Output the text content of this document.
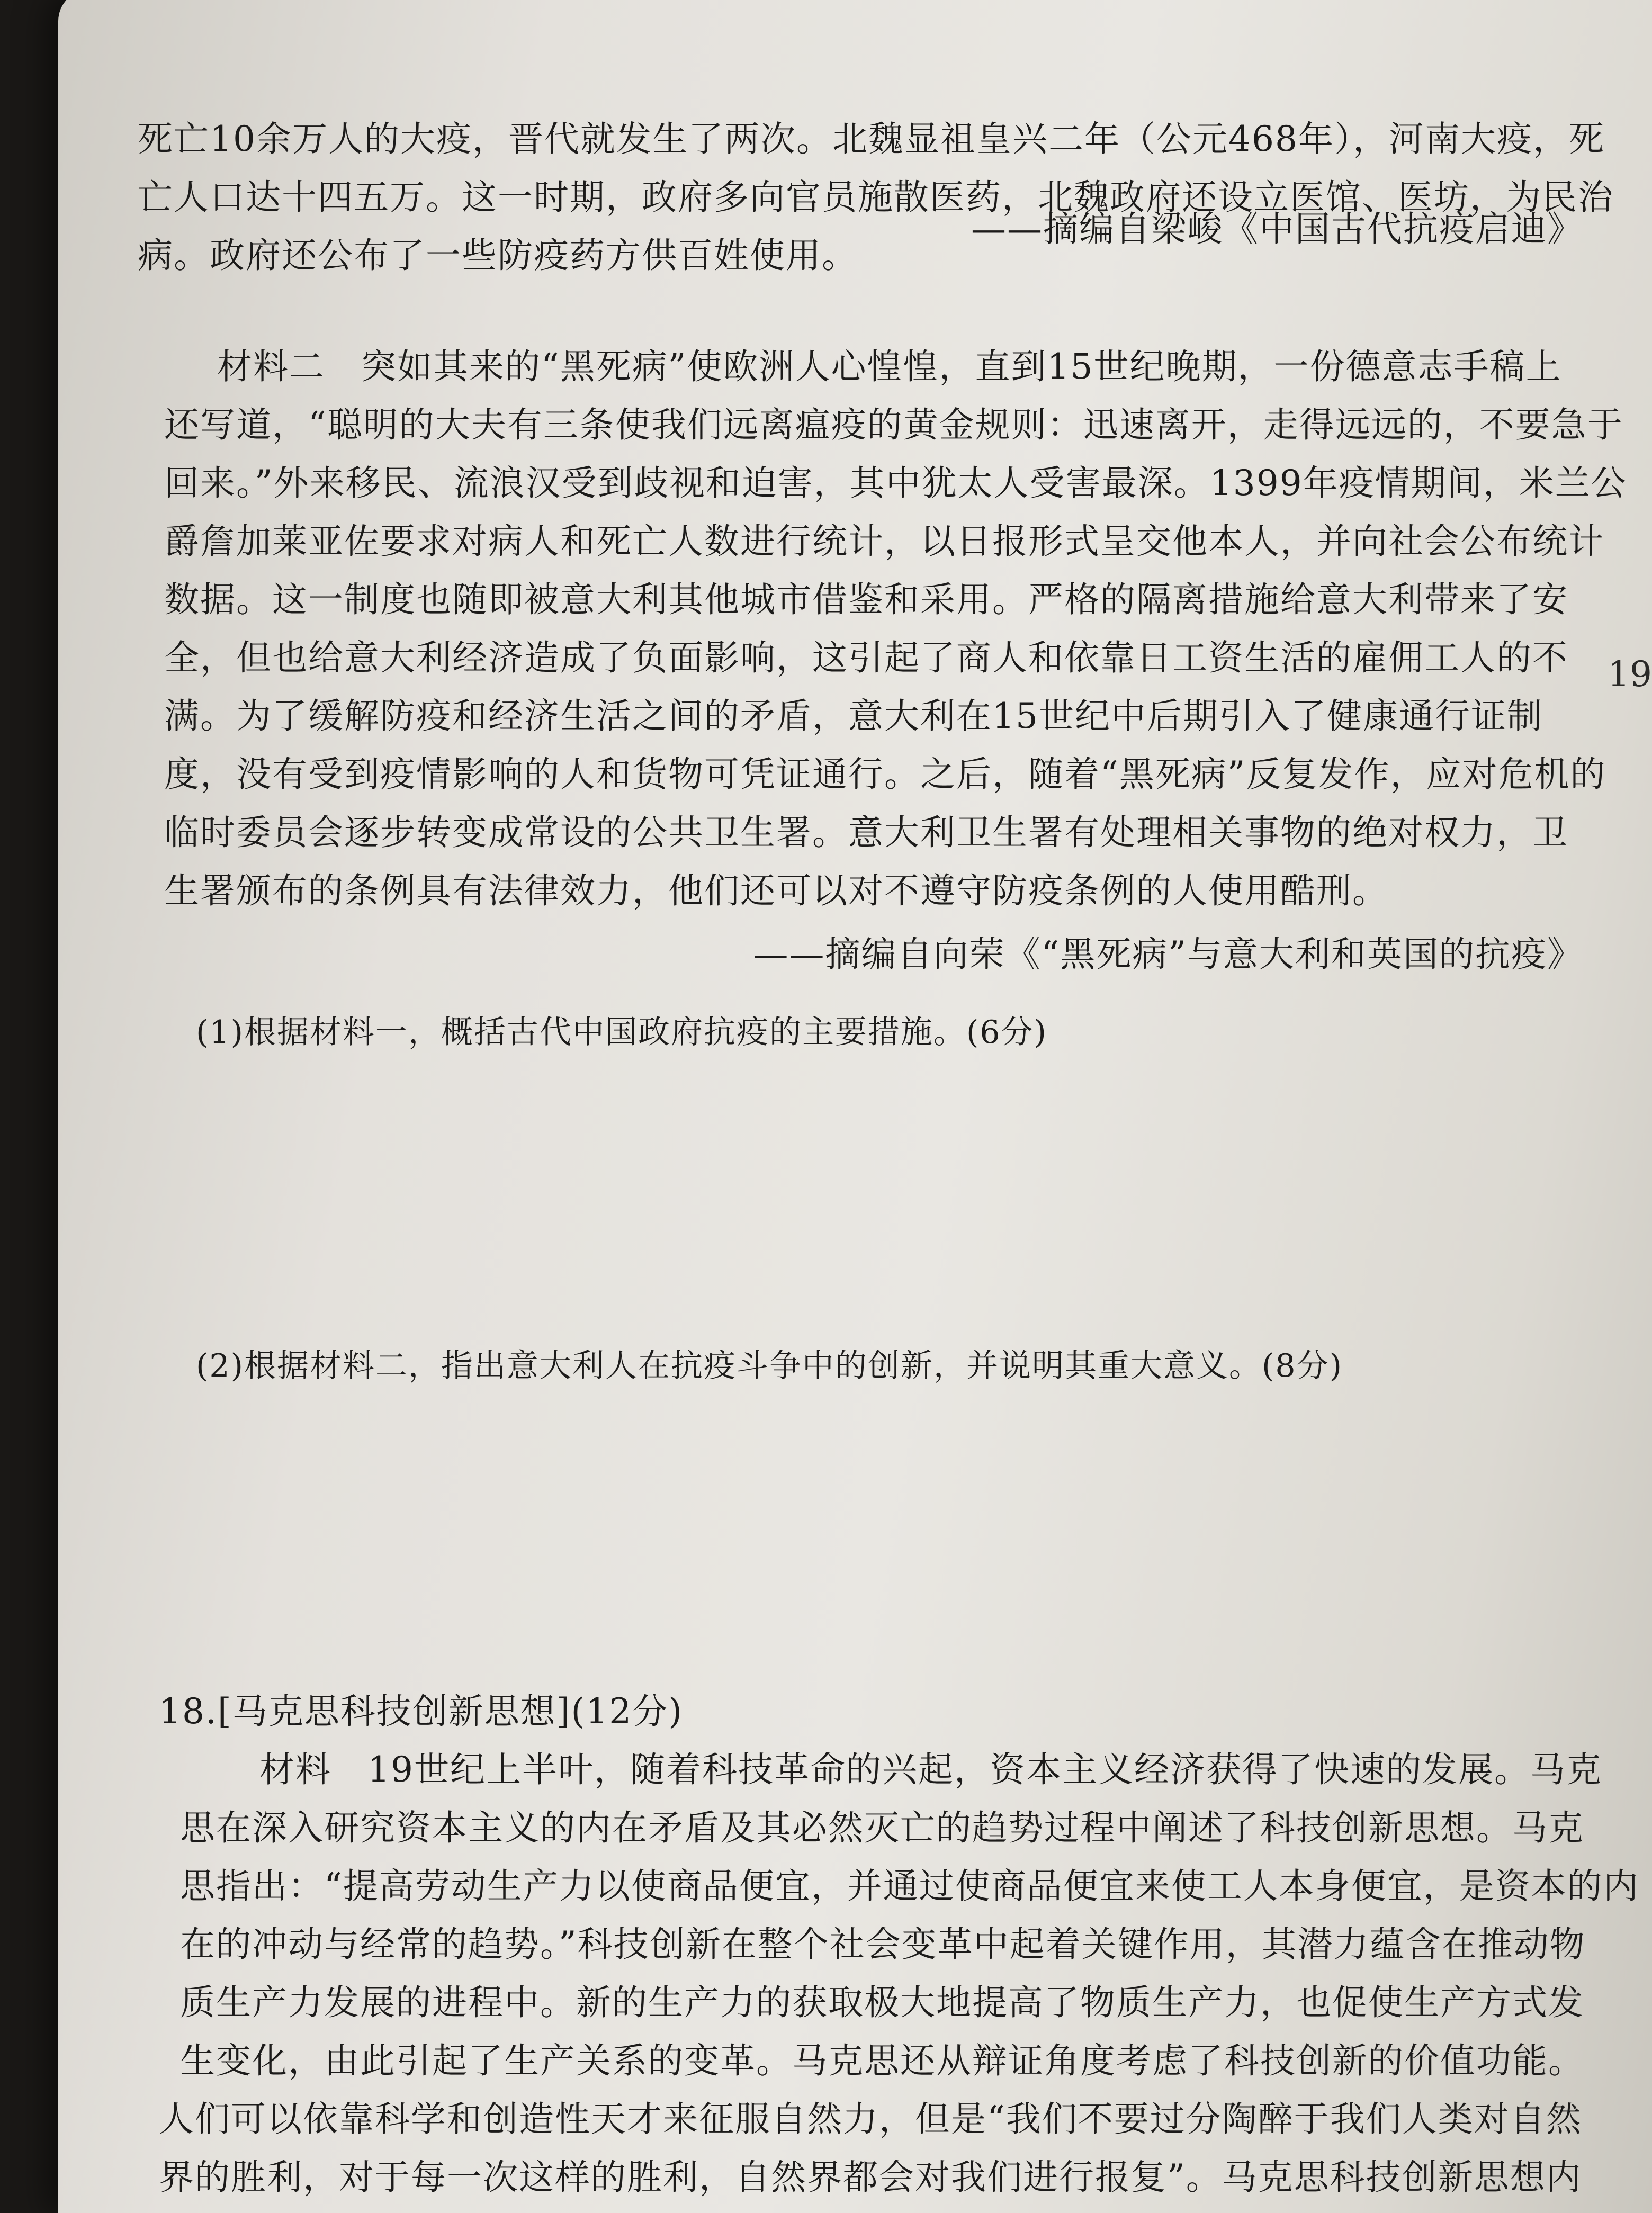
死亡10余万人的大疫，晋代就发生了两次。北魏显祖皇兴二年（公元468年），河南大疫，死
亡人口达十四五万。这一时期，政府多向官员施散医药，北魏政府还设立医馆、医坊，为民治
病。政府还公布了一些防疫药方供百姓使用。
——摘编自梁峻《中国古代抗疫启迪》
材料二　突如其来的“黑死病”使欧洲人心惶惶，直到15世纪晚期，一份德意志手稿上
还写道，“聪明的大夫有三条使我们远离瘟疫的黄金规则：迅速离开，走得远远的，不要急于
回来。”外来移民、流浪汉受到歧视和迫害，其中犹太人受害最深。1399年疫情期间，米兰公
爵詹加莱亚佐要求对病人和死亡人数进行统计，以日报形式呈交他本人，并向社会公布统计
数据。这一制度也随即被意大利其他城市借鉴和采用。严格的隔离措施给意大利带来了安
全，但也给意大利经济造成了负面影响，这引起了商人和依靠日工资生活的雇佣工人的不
满。为了缓解防疫和经济生活之间的矛盾，意大利在15世纪中后期引入了健康通行证制
度，没有受到疫情影响的人和货物可凭证通行。之后，随着“黑死病”反复发作，应对危机的
临时委员会逐步转变成常设的公共卫生署。意大利卫生署有处理相关事物的绝对权力，卫
生署颁布的条例具有法律效力，他们还可以对不遵守防疫条例的人使用酷刑。
——摘编自向荣《“黑死病”与意大利和英国的抗疫》
(1)根据材料一，概括古代中国政府抗疫的主要措施。(6分)
(2)根据材料二，指出意大利人在抗疫斗争中的创新，并说明其重大意义。(8分)
18.[马克思科技创新思想](12分)
材料　19世纪上半叶，随着科技革命的兴起，资本主义经济获得了快速的发展。马克
思在深入研究资本主义的内在矛盾及其必然灭亡的趋势过程中阐述了科技创新思想。马克
思指出：“提高劳动生产力以使商品便宜，并通过使商品便宜来使工人本身便宜，是资本的内
在的冲动与经常的趋势。”科技创新在整个社会变革中起着关键作用，其潜力蕴含在推动物
质生产力发展的进程中。新的生产力的获取极大地提高了物质生产力，也促使生产方式发
生变化，由此引起了生产关系的变革。马克思还从辩证角度考虑了科技创新的价值功能。
人们可以依靠科学和创造性天才来征服自然力，但是“我们不要过分陶醉于我们人类对自然
界的胜利，对于每一次这样的胜利，自然界都会对我们进行报复”。马克思科技创新思想内
19
